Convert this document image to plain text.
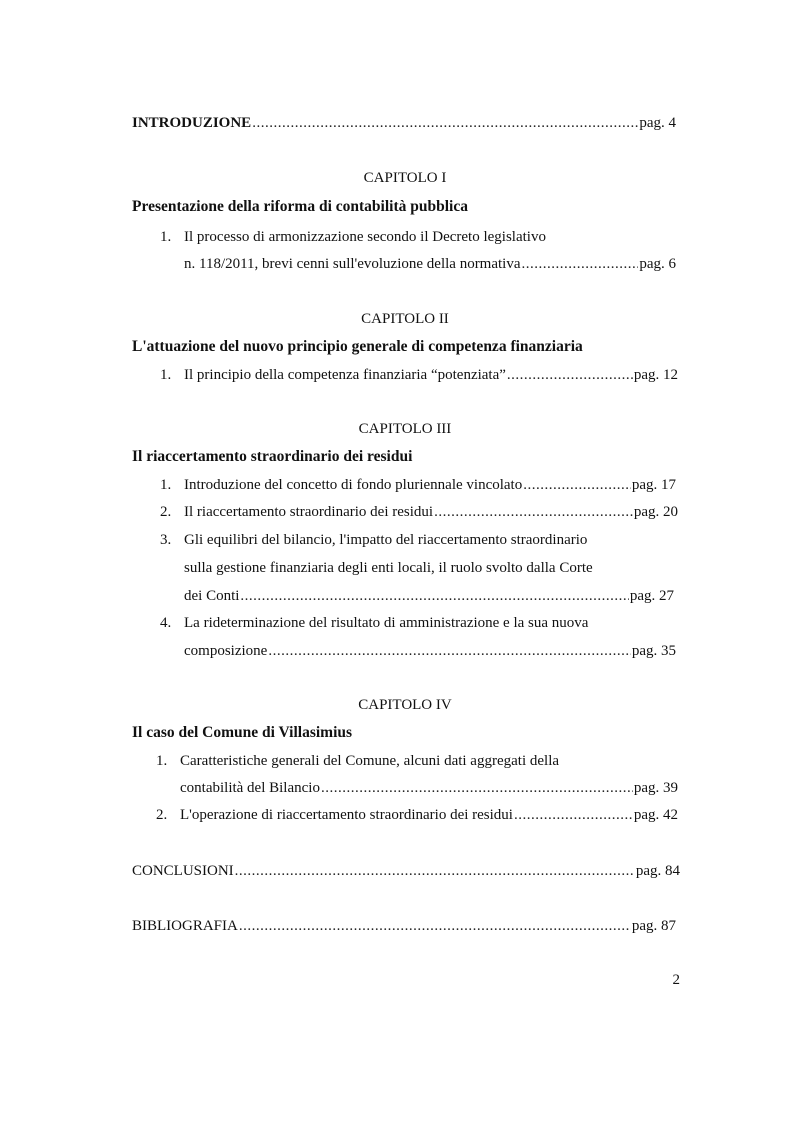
INTRODUZIONE .....	pag. 4
CAPITOLO I
Presentazione della riforma di contabilità pubblica
1. Il processo di armonizzazione secondo il Decreto legislativo
n. 118/2011, brevi cenni sull'evoluzione della normativa .....	pag. 6
CAPITOLO II
L'attuazione del nuovo principio generale di competenza finanziaria
1. Il principio della competenza finanziaria “potenziata” .....	pag. 12
CAPITOLO III
Il riaccertamento straordinario dei residui
1. Introduzione del concetto di fondo pluriennale vincolato .....	pag. 17
2. Il riaccertamento straordinario dei residui .....	pag. 20
3. Gli equilibri del bilancio, l'impatto del riaccertamento straordinario
sulla gestione finanziaria degli enti locali, il ruolo svolto dalla Corte
dei Conti .....	pag. 27
4. La rideterminazione del risultato di amministrazione e la sua nuova
composizione .....	pag. 35
CAPITOLO IV
Il caso del Comune di Villasimius
1. Caratteristiche generali del Comune, alcuni dati aggregati della
contabilità del Bilancio .....	pag. 39
2. L'operazione di riaccertamento straordinario dei residui .....	pag. 42
CONCLUSIONI .....	pag. 84
BIBLIOGRAFIA .....	pag. 87
2
